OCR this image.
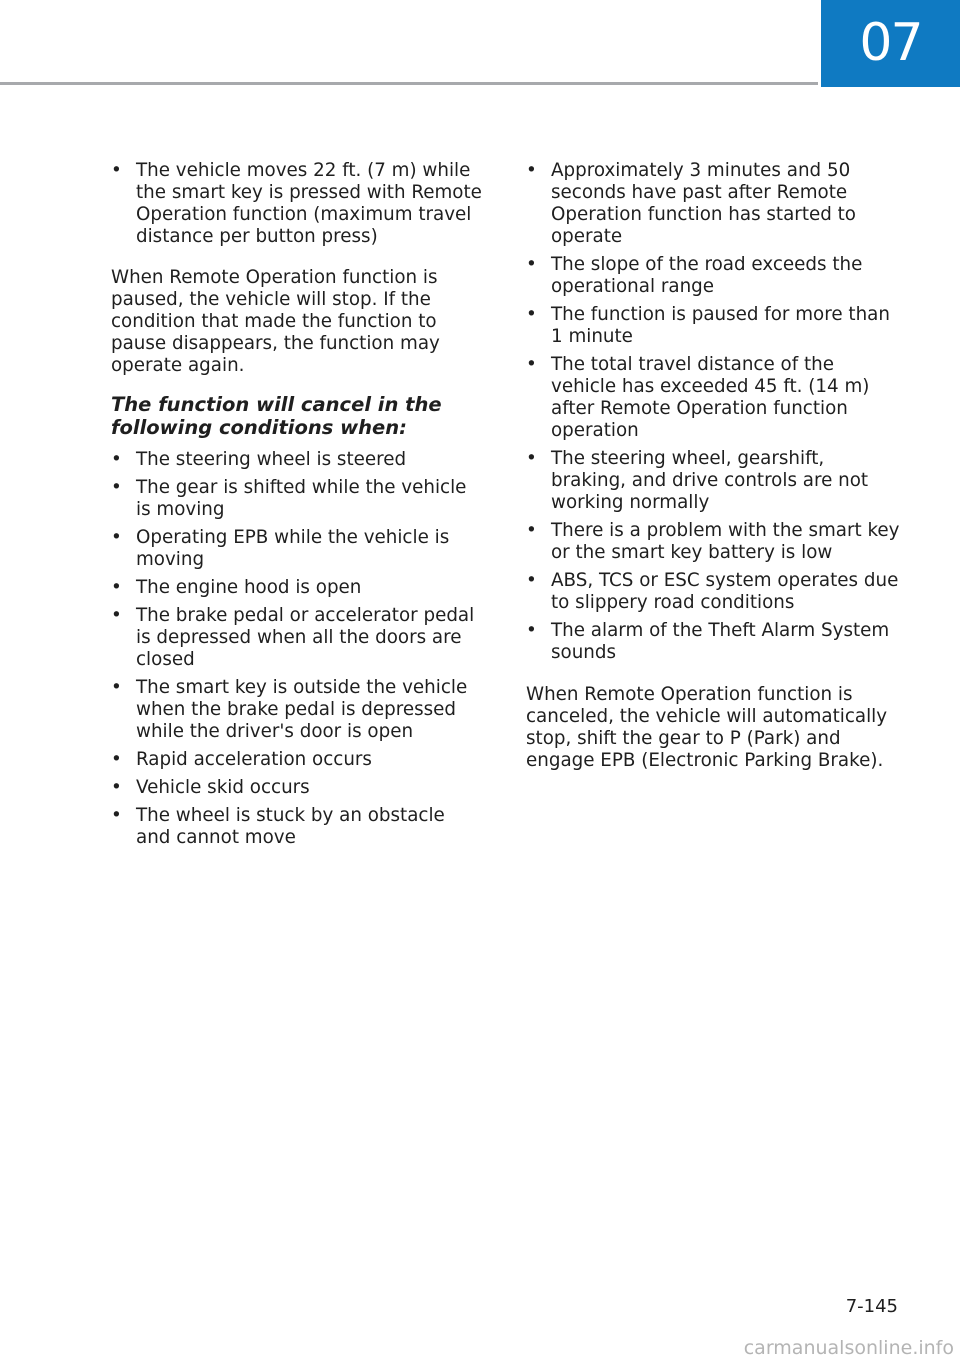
07
• The vehicle moves 22 ft. (7 m) while the smart key is pressed with Remote Operation function (maximum travel distance per button press)

When Remote Operation function is paused, the vehicle will stop. If the condition that made the function to pause disappears, the function may operate again.

The function will cancel in the following conditions when:
• The steering wheel is steered
• The gear is shifted while the vehicle is moving
• Operating EPB while the vehicle is moving
• The engine hood is open
• The brake pedal or accelerator pedal is depressed when all the doors are closed
• The smart key is outside the vehicle when the brake pedal is depressed while the driver's door is open
• Rapid acceleration occurs
• Vehicle skid occurs
• The wheel is stuck by an obstacle and cannot move
• Approximately 3 minutes and 50 seconds have past after Remote Operation function has started to operate
• The slope of the road exceeds the operational range
• The function is paused for more than 1 minute
• The total travel distance of the vehicle has exceeded 45 ft. (14 m) after Remote Operation function operation
• The steering wheel, gearshift, braking, and drive controls are not working normally
• There is a problem with the smart key or the smart key battery is low
• ABS, TCS or ESC system operates due to slippery road conditions
• The alarm of the Theft Alarm System sounds

When Remote Operation function is canceled, the vehicle will automatically stop, shift the gear to P (Park) and engage EPB (Electronic Parking Brake).

7-145
carmanualsonline.info
